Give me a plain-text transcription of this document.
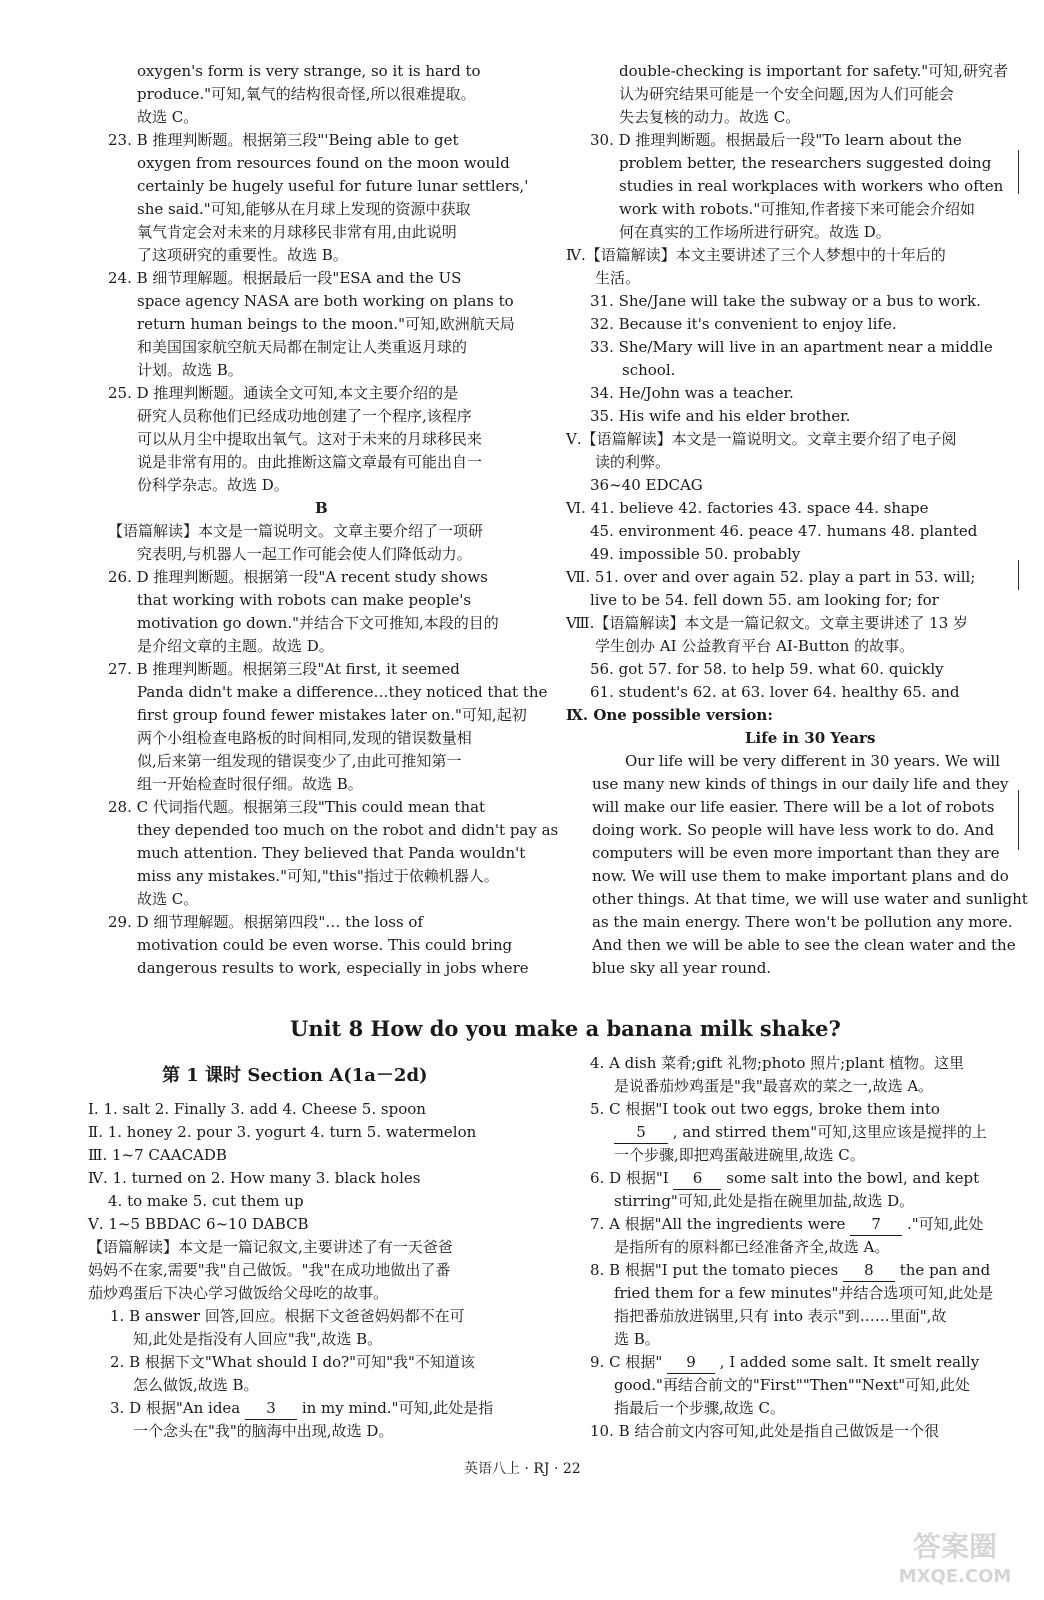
oxygen's form is very strange, so it is hard to
produce."可知,氧气的结构很奇怪,所以很难提取。
故选 C。
23. B 推理判断题。根据第三段"'Being able to get
oxygen from resources found on the moon would
certainly be hugely useful for future lunar settlers,'
she said."可知,能够从在月球上发现的资源中获取
氧气肯定会对未来的月球移民非常有用,由此说明
了这项研究的重要性。故选 B。
24. B 细节理解题。根据最后一段"ESA and the US
space agency NASA are both working on plans to
return human beings to the moon."可知,欧洲航天局
和美国国家航空航天局都在制定让人类重返月球的
计划。故选 B。
25. D 推理判断题。通读全文可知,本文主要介绍的是
研究人员称他们已经成功地创建了一个程序,该程序
可以从月尘中提取出氧气。这对于未来的月球移民来
说是非常有用的。由此推断这篇文章最有可能出自一
份科学杂志。故选 D。
B
【语篇解读】本文是一篇说明文。文章主要介绍了一项研
究表明,与机器人一起工作可能会使人们降低动力。
26. D 推理判断题。根据第一段"A recent study shows
that working with robots can make people's
motivation go down."并结合下文可推知,本段的目的
是介绍文章的主题。故选 D。
27. B 推理判断题。根据第三段"At first, it seemed
Panda didn't make a difference…they noticed that the
first group found fewer mistakes later on."可知,起初
两个小组检查电路板的时间相同,发现的错误数量相
似,后来第一组发现的错误变少了,由此可推知第一
组一开始检查时很仔细。故选 B。
28. C 代词指代题。根据第三段"This could mean that
they depended too much on the robot and didn't pay as
much attention. They believed that Panda wouldn't
miss any mistakes."可知,"this"指过于依赖机器人。
故选 C。
29. D 细节理解题。根据第四段"… the loss of
motivation could be even worse. This could bring
dangerous results to work, especially in jobs where
double-checking is important for safety."可知,研究者
认为研究结果可能是一个安全问题,因为人们可能会
失去复核的动力。故选 C。
30. D 推理判断题。根据最后一段"To learn about the
problem better, the researchers suggested doing
studies in real workplaces with workers who often
work with robots."可推知,作者接下来可能会介绍如
何在真实的工作场所进行研究。故选 D。
Ⅳ.【语篇解读】本文主要讲述了三个人梦想中的十年后的
生活。
31. She/Jane will take the subway or a bus to work.
32. Because it's convenient to enjoy life.
33. She/Mary will live in an apartment near a middle
school.
34. He/John was a teacher.
35. His wife and his elder brother.
Ⅴ.【语篇解读】本文是一篇说明文。文章主要介绍了电子阅
读的利弊。
36~40 EDCAG
Ⅵ. 41. believe 42. factories 43. space 44. shape
45. environment 46. peace 47. humans 48. planted
49. impossible 50. probably
Ⅶ. 51. over and over again 52. play a part in 53. will;
live to be 54. fell down 55. am looking for; for
Ⅷ.【语篇解读】本文是一篇记叙文。文章主要讲述了 13 岁
学生创办 AI 公益教育平台 AI-Button 的故事。
56. got 57. for 58. to help 59. what 60. quickly
61. student's 62. at 63. lover 64. healthy 65. and
Ⅸ. One possible version:
Life in 30 Years
Our life will be very different in 30 years. We will
use many new kinds of things in our daily life and they
will make our life easier. There will be a lot of robots
doing work. So people will have less work to do. And
computers will be even more important than they are
now. We will use them to make important plans and do
other things. At that time, we will use water and sunlight
as the main energy. There won't be pollution any more.
And then we will be able to see the clean water and the
blue sky all year round.
Unit 8 How do you make a banana milk shake?
第 1 课时 Section A(1a－2d)
Ⅰ. 1. salt 2. Finally 3. add 4. Cheese 5. spoon
Ⅱ. 1. honey 2. pour 3. yogurt 4. turn 5. watermelon
Ⅲ. 1~7 CAACADB
Ⅳ. 1. turned on 2. How many 3. black holes
4. to make 5. cut them up
Ⅴ. 1~5 BBDAC 6~10 DABCB
【语篇解读】本文是一篇记叙文,主要讲述了有一天爸爸
妈妈不在家,需要"我"自己做饭。"我"在成功地做出了番
茄炒鸡蛋后下决心学习做饭给父母吃的故事。
1. B answer 回答,回应。根据下文爸爸妈妈都不在可
知,此处是指没有人回应"我",故选 B。
2. B 根据下文"What should I do?"可知"我"不知道该
怎么做饭,故选 B。
3. D 根据"An idea 3 in my mind."可知,此处是指
一个念头在"我"的脑海中出现,故选 D。
4. A dish 菜肴;gift 礼物;photo 照片;plant 植物。这里
是说番茄炒鸡蛋是"我"最喜欢的菜之一,故选 A。
5. C 根据"I took out two eggs, broke them into
5 , and stirred them"可知,这里应该是搅拌的上
一个步骤,即把鸡蛋敲进碗里,故选 C。
6. D 根据"I 6 some salt into the bowl, and kept
stirring"可知,此处是指在碗里加盐,故选 D。
7. A 根据"All the ingredients were 7 ."可知,此处
是指所有的原料都已经准备齐全,故选 A。
8. B 根据"I put the tomato pieces 8 the pan and
fried them for a few minutes"并结合选项可知,此处是
指把番茄放进锅里,只有 into 表示"到……里面",故
选 B。
9. C 根据" 9 , I added some salt. It smelt really
good."再结合前文的"First""Then""Next"可知,此处
指最后一个步骤,故选 C。
10. B 结合前文内容可知,此处是指自己做饭是一个很
英语八上 · RJ · 22
答案圈
MXQE.COM
